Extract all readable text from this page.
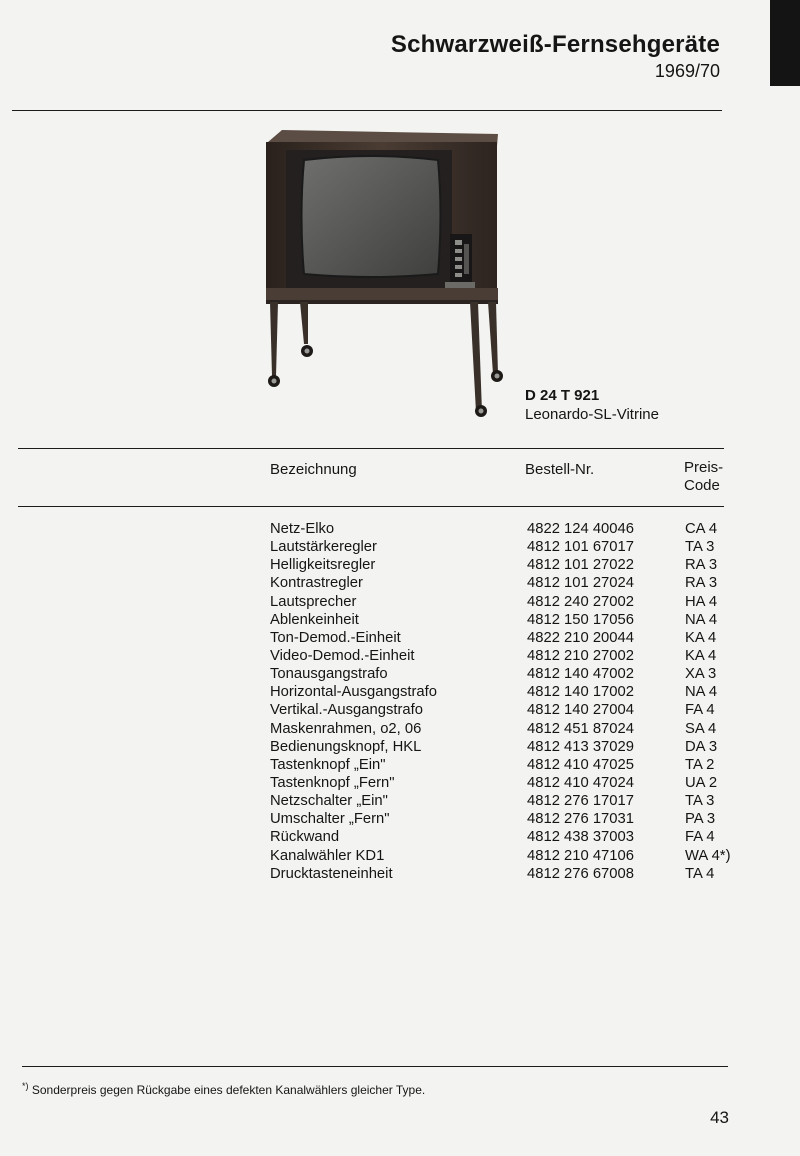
Schwarzweiß-Fernsehgeräte
1969/70
D 24 T 921
Leonardo-SL-Vitrine
Bezeichnung	Bestell-Nr.	Preis-
Code
Netz-Elko	4822 124 40046	CA 4
Lautstärkeregler	4812 101 67017	TA 3
Helligkeitsregler	4812 101 27022	RA 3
Kontrastregler	4812 101 27024	RA 3
Lautsprecher	4812 240 27002	HA 4
Ablenkeinheit	4812 150 17056	NA 4
Ton-Demod.-Einheit	4822 210 20044	KA 4
Video-Demod.-Einheit	4812 210 27002	KA 4
Tonausgangstrafo	4812 140 47002	XA 3
Horizontal-Ausgangstrafo	4812 140 17002	NA 4
Vertikal.-Ausgangstrafo	4812 140 27004	FA 4
Maskenrahmen, o2, 06	4812 451 87024	SA 4
Bedienungsknopf, HKL	4812 413 37029	DA 3
Tastenknopf „Ein"	4812 410 47025	TA 2
Tastenknopf „Fern"	4812 410 47024	UA 2
Netzschalter „Ein"	4812 276 17017	TA 3
Umschalter „Fern"	4812 276 17031	PA 3
Rückwand	4812 438 37003	FA 4
Kanalwähler KD1	4812 210 47106	WA 4*)
Drucktasteneinheit	4812 276 67008	TA 4
*) Sonderpreis gegen Rückgabe eines defekten Kanalwählers gleicher Type.
43
